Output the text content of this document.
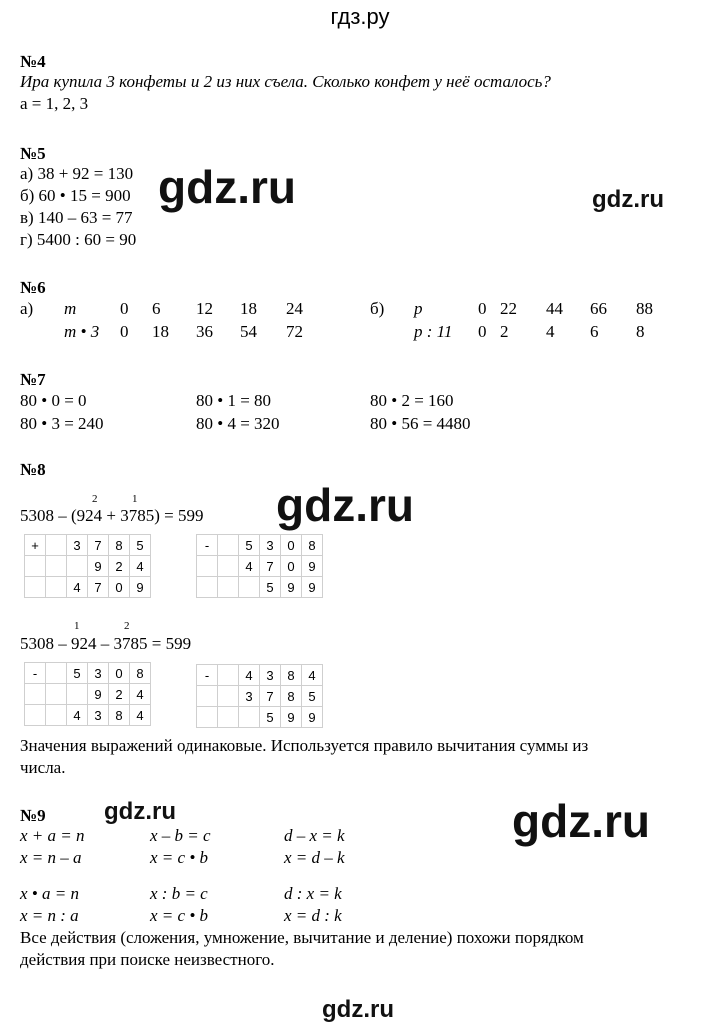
гдз.ру
gdz.ru	gdz.ru
gdz.ru
gdz.ru	gdz.ru
gdz.ru
№4
Ира купила 3 конфеты и 2 из них съела. Сколько конфет у неё осталось?
a = 1, 2, 3
№5
а) 38 + 92 = 130
б) 60 • 15 = 900
в) 140 – 63 = 77
г) 5400 : 60 = 90
№6
а) m	0 6 12 18 24
m • 3 0 18 36 54 72
б) p	0 22 44 66 88
p : 11 0 2 4 6 8
№7
80 • 0 = 0	80 • 1 = 80	80 • 2 = 160
80 • 3 = 240	80 • 4 = 320	80 • 56 = 4480
№8
2	1
5308 – (924 + 3785) = 599
+		3	7	8	5
			9	2	4
		4	7	0	9
-		5	3	0	8
		4	7	0	9
			5	9	9
1	2
5308 – 924 – 3785 = 599
-		5	3	0	8
			9	2	4
		4	3	8	4
-		4	3	8	4
		3	7	8	5
			5	9	9
Значения выражений одинаковые. Используется правило вычитания суммы из
числа.
№9
x + a = n	x – b = c	d – x = k
x = n – a	x = c • b	x = d – k
x • a = n	x : b = c	d : x = k
x = n : a	x = c • b	x = d : k
Все действия (сложения, умножение, вычитание и деление) похожи порядком
действия при поиске неизвестного.
